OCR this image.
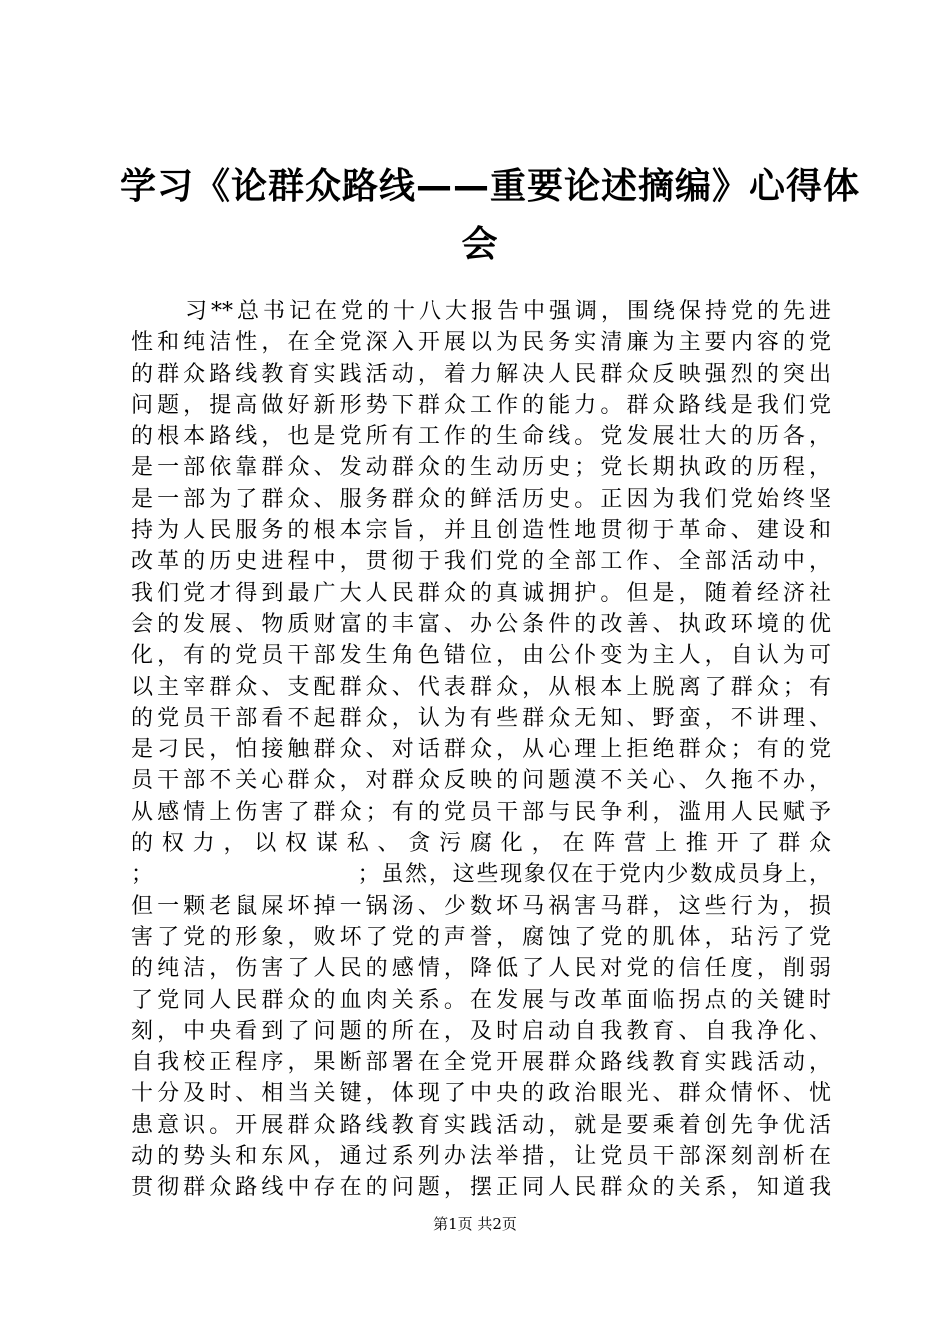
学习《论群众路线——重要论述摘编》心得体
会
习**总书记在党的十八大报告中强调，围绕保持党的先进
性和纯洁性，在全党深入开展以为民务实清廉为主要内容的党
的群众路线教育实践活动，着力解决人民群众反映强烈的突出
问题，提高做好新形势下群众工作的能力。群众路线是我们党
的根本路线，也是党所有工作的生命线。党发展壮大的历各，
是一部依靠群众、发动群众的生动历史；党长期执政的历程，
是一部为了群众、服务群众的鲜活历史。正因为我们党始终坚
持为人民服务的根本宗旨，并且创造性地贯彻于革命、建设和
改革的历史进程中，贯彻于我们党的全部工作、全部活动中，
我们党才得到最广大人民群众的真诚拥护。但是，随着经济社
会的发展、物质财富的丰富、办公条件的改善、执政环境的优
化，有的党员干部发生角色错位，由公仆变为主人，自认为可
以主宰群众、支配群众、代表群众，从根本上脱离了群众；有
的党员干部看不起群众，认为有些群众无知、野蛮，不讲理、
是刁民，怕接触群众、对话群众，从心理上拒绝群众；有的党
员干部不关心群众，对群众反映的问题漠不关心、久拖不办，
从感情上伤害了群众；有的党员干部与民争利，滥用人民赋予
的权力，以权谋私、贪污腐化，在阵营上推开了群众
；　　　　　　　　　；虽然，这些现象仅在于党内少数成员身上，
但一颗老鼠屎坏掉一锅汤、少数坏马祸害马群，这些行为，损
害了党的形象，败坏了党的声誉，腐蚀了党的肌体，玷污了党
的纯洁，伤害了人民的感情，降低了人民对党的信任度，削弱
了党同人民群众的血肉关系。在发展与改革面临拐点的关键时
刻，中央看到了问题的所在，及时启动自我教育、自我净化、
自我校正程序，果断部署在全党开展群众路线教育实践活动，
十分及时、相当关键，体现了中央的政治眼光、群众情怀、忧
患意识。开展群众路线教育实践活动，就是要乘着创先争优活
动的势头和东风，通过系列办法举措，让党员干部深刻剖析在
贯彻群众路线中存在的问题，摆正同人民群众的关系，知道我
第1页 共2页
